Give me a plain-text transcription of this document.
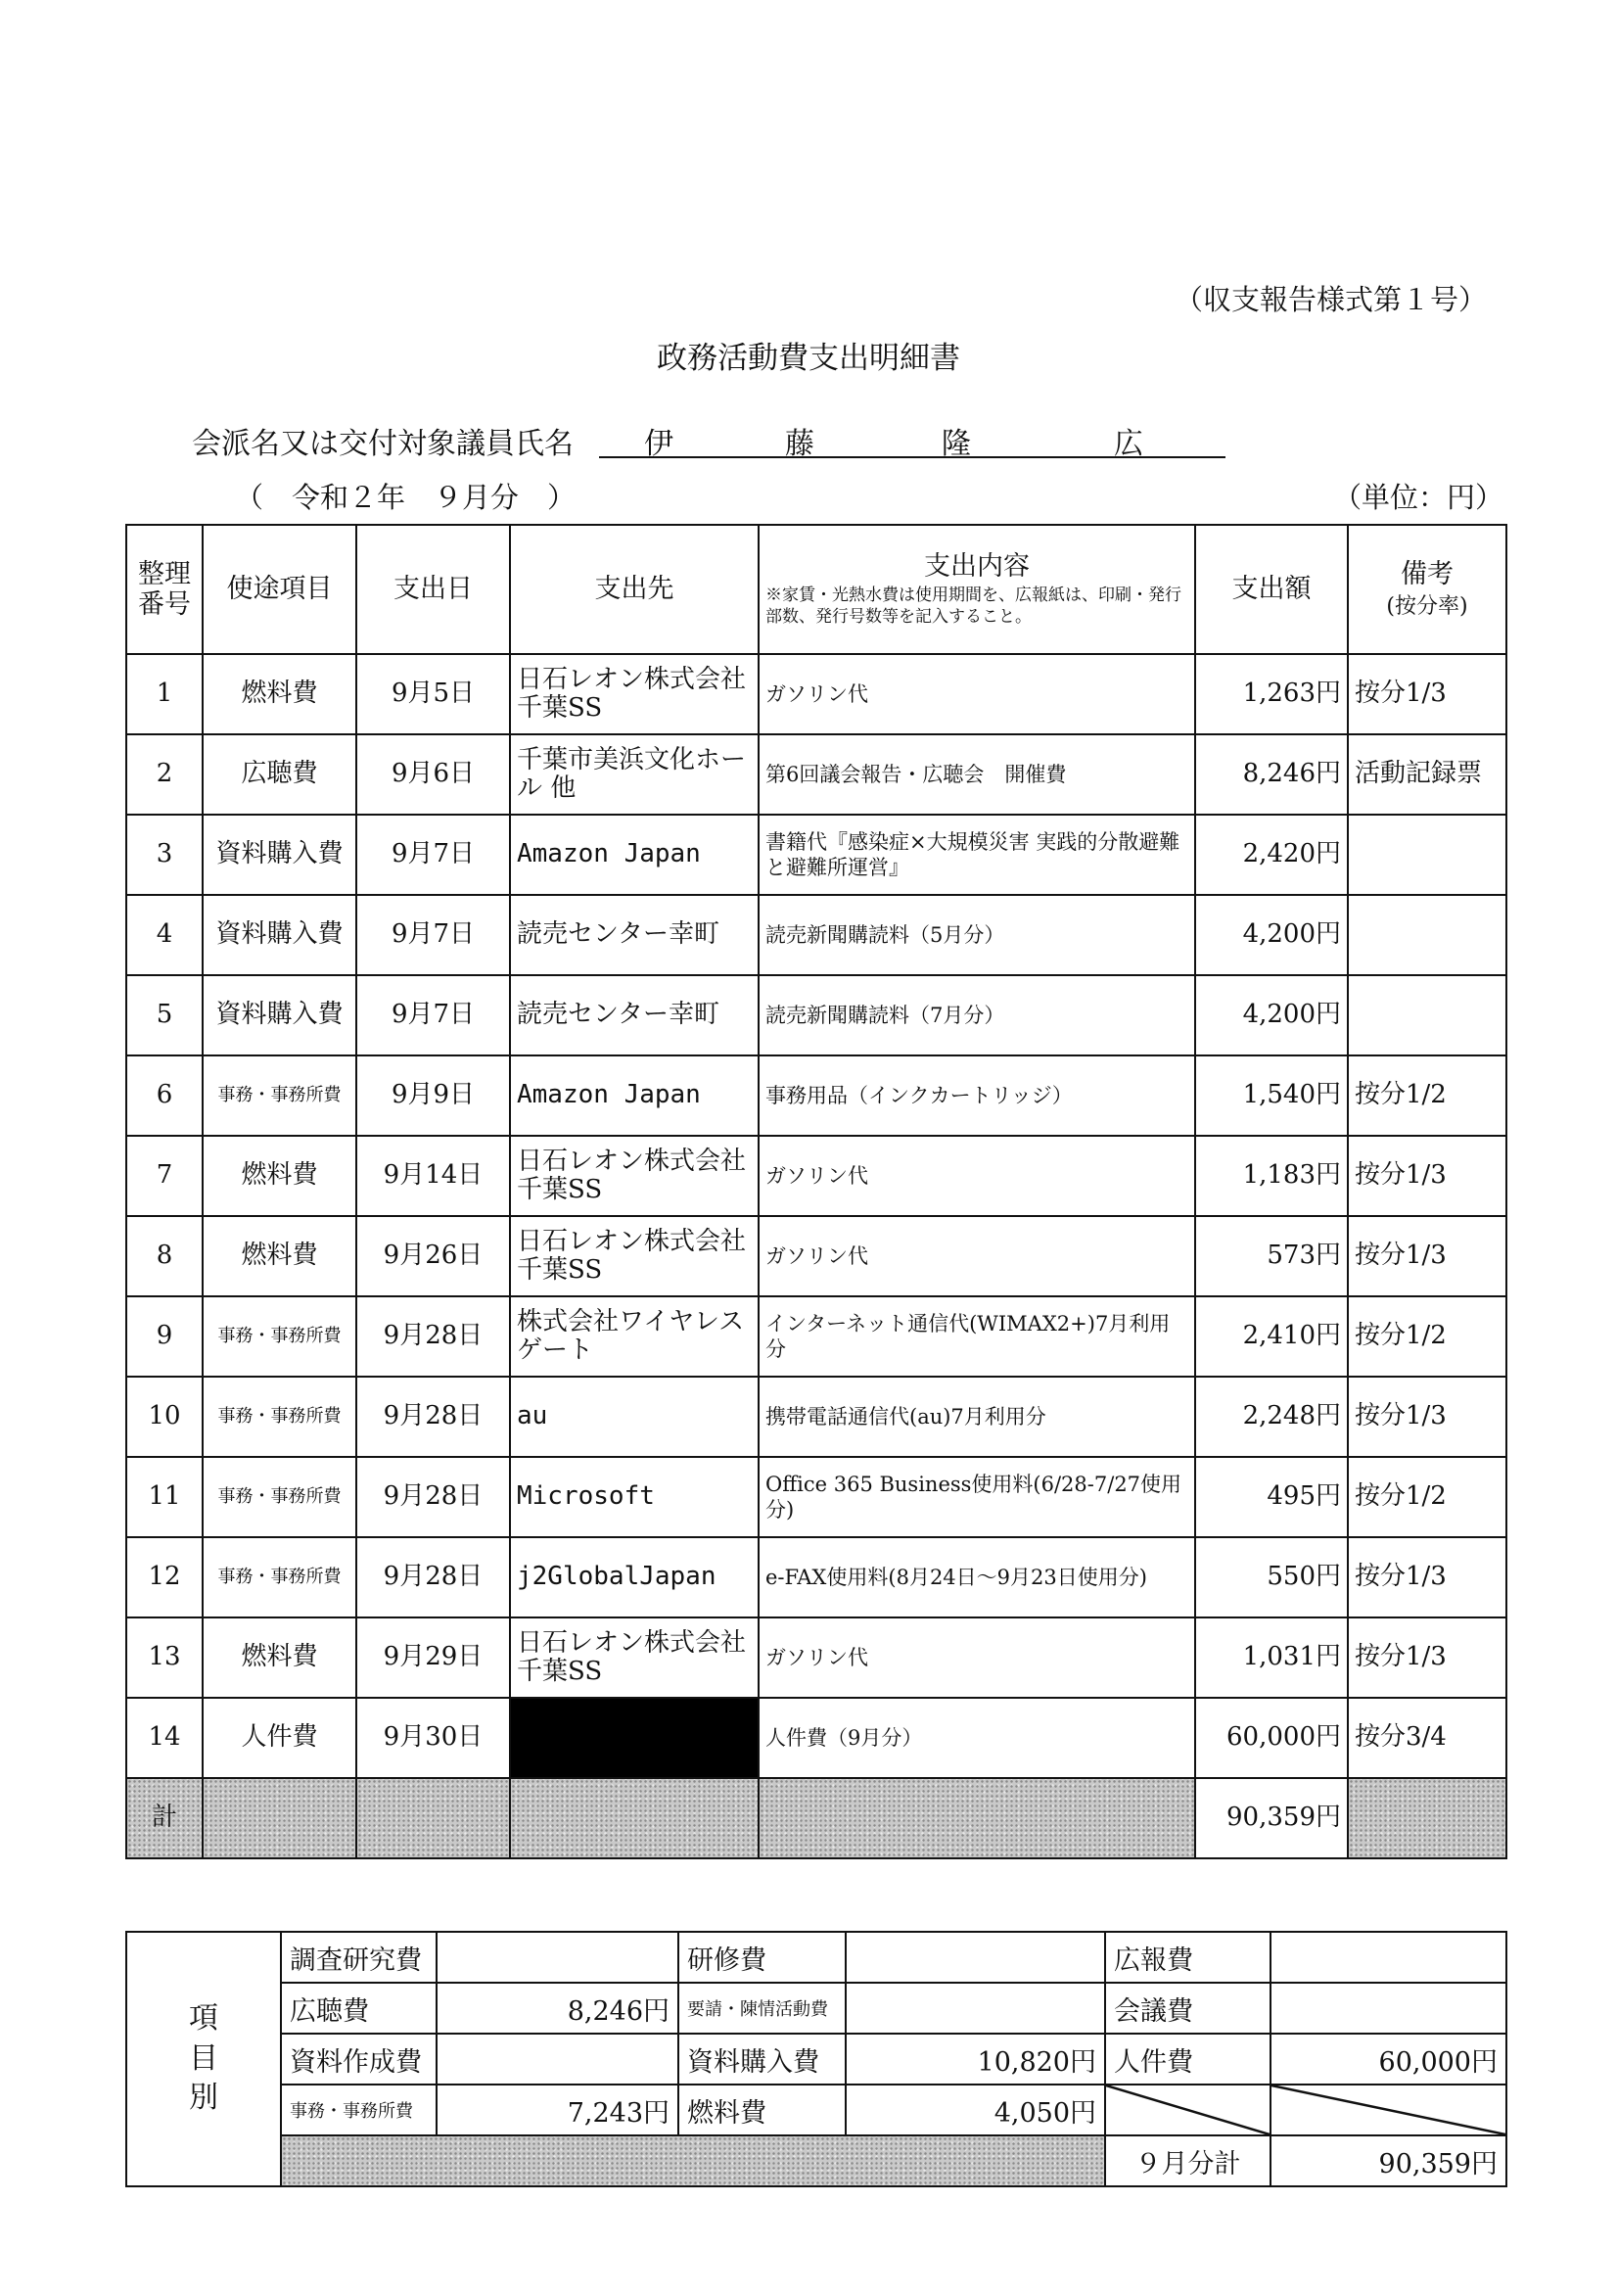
（収支報告様式第１号）
政務活動費支出明細書
会派名又は交付対象議員氏名 伊	藤	隆	広
（　令和２年　９月分　）	（単位：円）
整理番号	使途項目	支出日	支出先	支出内容
※家賃・光熱水費は使用期間を、広報紙は、印刷・発行部数、発行号数等を記入すること。	支出額	備考
(按分率)
1	燃料費	9月5日	日石レオン株式会社千葉SS	ガソリン代	1,263円	按分1/3
2	広聴費	9月6日	千葉市美浜文化ホール 他	第6回議会報告・広聴会　開催費	8,246円	活動記録票
3	資料購入費	9月7日	Amazon Japan	書籍代『感染症×大規模災害 実践的分散避難と避難所運営』	2,420円	
4	資料購入費	9月7日	読売センター幸町	読売新聞購読料（5月分）	4,200円	
5	資料購入費	9月7日	読売センター幸町	読売新聞購読料（7月分）	4,200円	
6	事務・事務所費	9月9日	Amazon Japan	事務用品（インクカートリッジ）	1,540円	按分1/2
7	燃料費	9月14日	日石レオン株式会社千葉SS	ガソリン代	1,183円	按分1/3
8	燃料費	9月26日	日石レオン株式会社千葉SS	ガソリン代	573円	按分1/3
9	事務・事務所費	9月28日	株式会社ワイヤレスゲート	インターネット通信代(WIMAX2+)7月利用分	2,410円	按分1/2
10	事務・事務所費	9月28日	au	携帯電話通信代(au)7月利用分	2,248円	按分1/3
11	事務・事務所費	9月28日	Microsoft	Office 365 Business使用料(6/28-7/27使用分)	495円	按分1/2
12	事務・事務所費	9月28日	j2GlobalJapan	e-FAX使用料(8月24日～9月23日使用分)	550円	按分1/3
13	燃料費	9月29日	日石レオン株式会社千葉SS	ガソリン代	1,031円	按分1/3
14	人件費	9月30日		人件費（9月分）	60,000円	按分3/4
計					90,359円	
項
目
別	調査研究費		研修費		広報費	
	広聴費	8,246円	要請・陳情活動費		会議費	
	資料作成費		資料購入費	10,820円	人件費	60,000円
	事務・事務所費	7,243円	燃料費	4,050円		
					９月分計	90,359円
